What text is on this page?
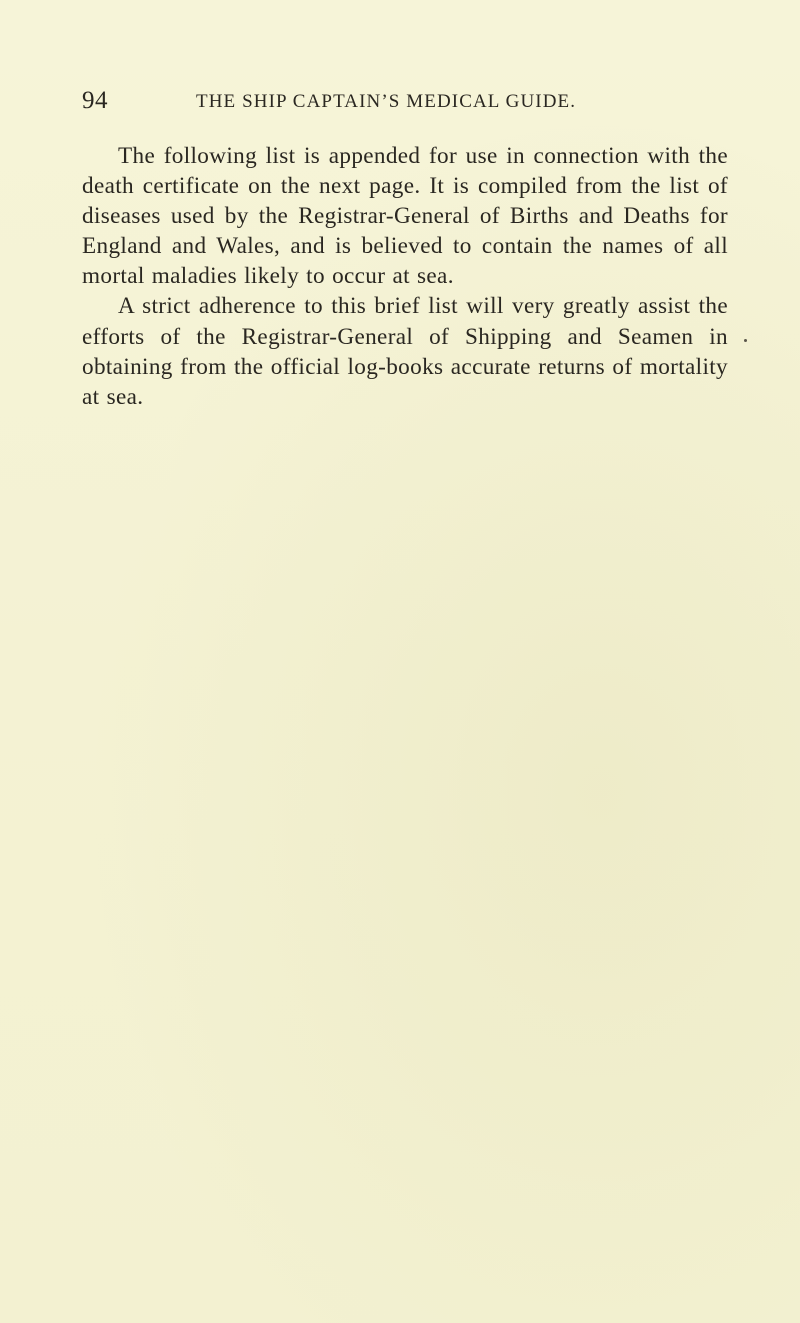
94	THE SHIP CAPTAIN’S MEDICAL GUIDE.

The following list is appended for use in connection with the death certificate on the next page. It is compiled from the list of diseases used by the Registrar-General of Births and Deaths for England and Wales, and is believed to contain the names of all mortal maladies likely to occur at sea.

A strict adherence to this brief list will very greatly assist the efforts of the Registrar-General of Shipping and Seamen in obtaining from the official log-books accurate returns of mortality at sea.
